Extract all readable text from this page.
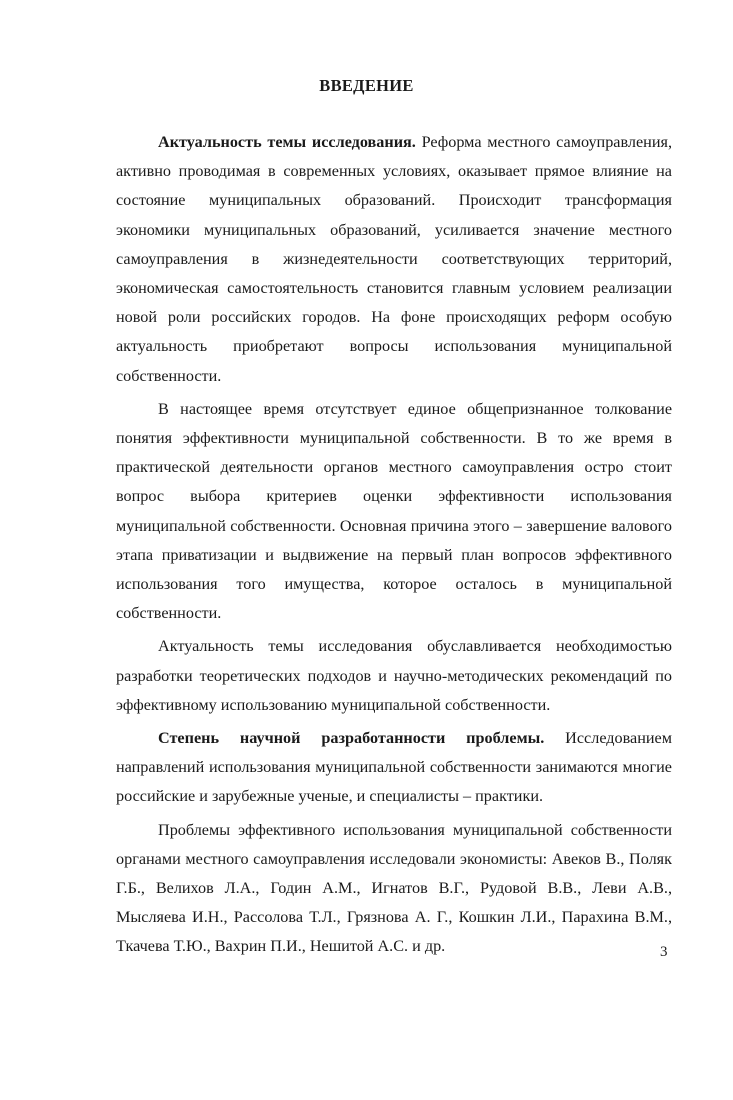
ВВЕДЕНИЕ

Актуальность темы исследования. Реформа местного самоуправления, активно проводимая в современных условиях, оказывает прямое влияние на состояние муниципальных образований. Происходит трансформация экономики муниципальных образований, усиливается значение местного самоуправления в жизнедеятельности соответствующих территорий, экономическая самостоятельность становится главным условием реализации новой роли российских городов. На фоне происходящих реформ особую актуальность приобретают вопросы использования муниципальной собственности.

В настоящее время отсутствует единое общепризнанное толкование понятия эффективности муниципальной собственности. В то же время в практической деятельности органов местного самоуправления остро стоит вопрос выбора критериев оценки эффективности использования муниципальной собственности. Основная причина этого – завершение валового этапа приватизации и выдвижение на первый план вопросов эффективного использования того имущества, которое осталось в муниципальной собственности.

Актуальность темы исследования обуславливается необходимостью разработки теоретических подходов и научно-методических рекомендаций по эффективному использованию муниципальной собственности.

Степень научной разработанности проблемы. Исследованием направлений использования муниципальной собственности занимаются многие российские и зарубежные ученые, и специалисты – практики.

Проблемы эффективного использования муниципальной собственности органами местного самоуправления исследовали экономисты: Авеков В., Поляк Г.Б., Велихов Л.А., Годин А.М., Игнатов В.Г., Рудовой В.В., Леви А.В., Мысляева И.Н., Рассолова Т.Л., Грязнова А. Г., Кошкин Л.И., Парахина В.М., Ткачева Т.Ю., Вахрин П.И., Нешитой А.С. и др.	3
